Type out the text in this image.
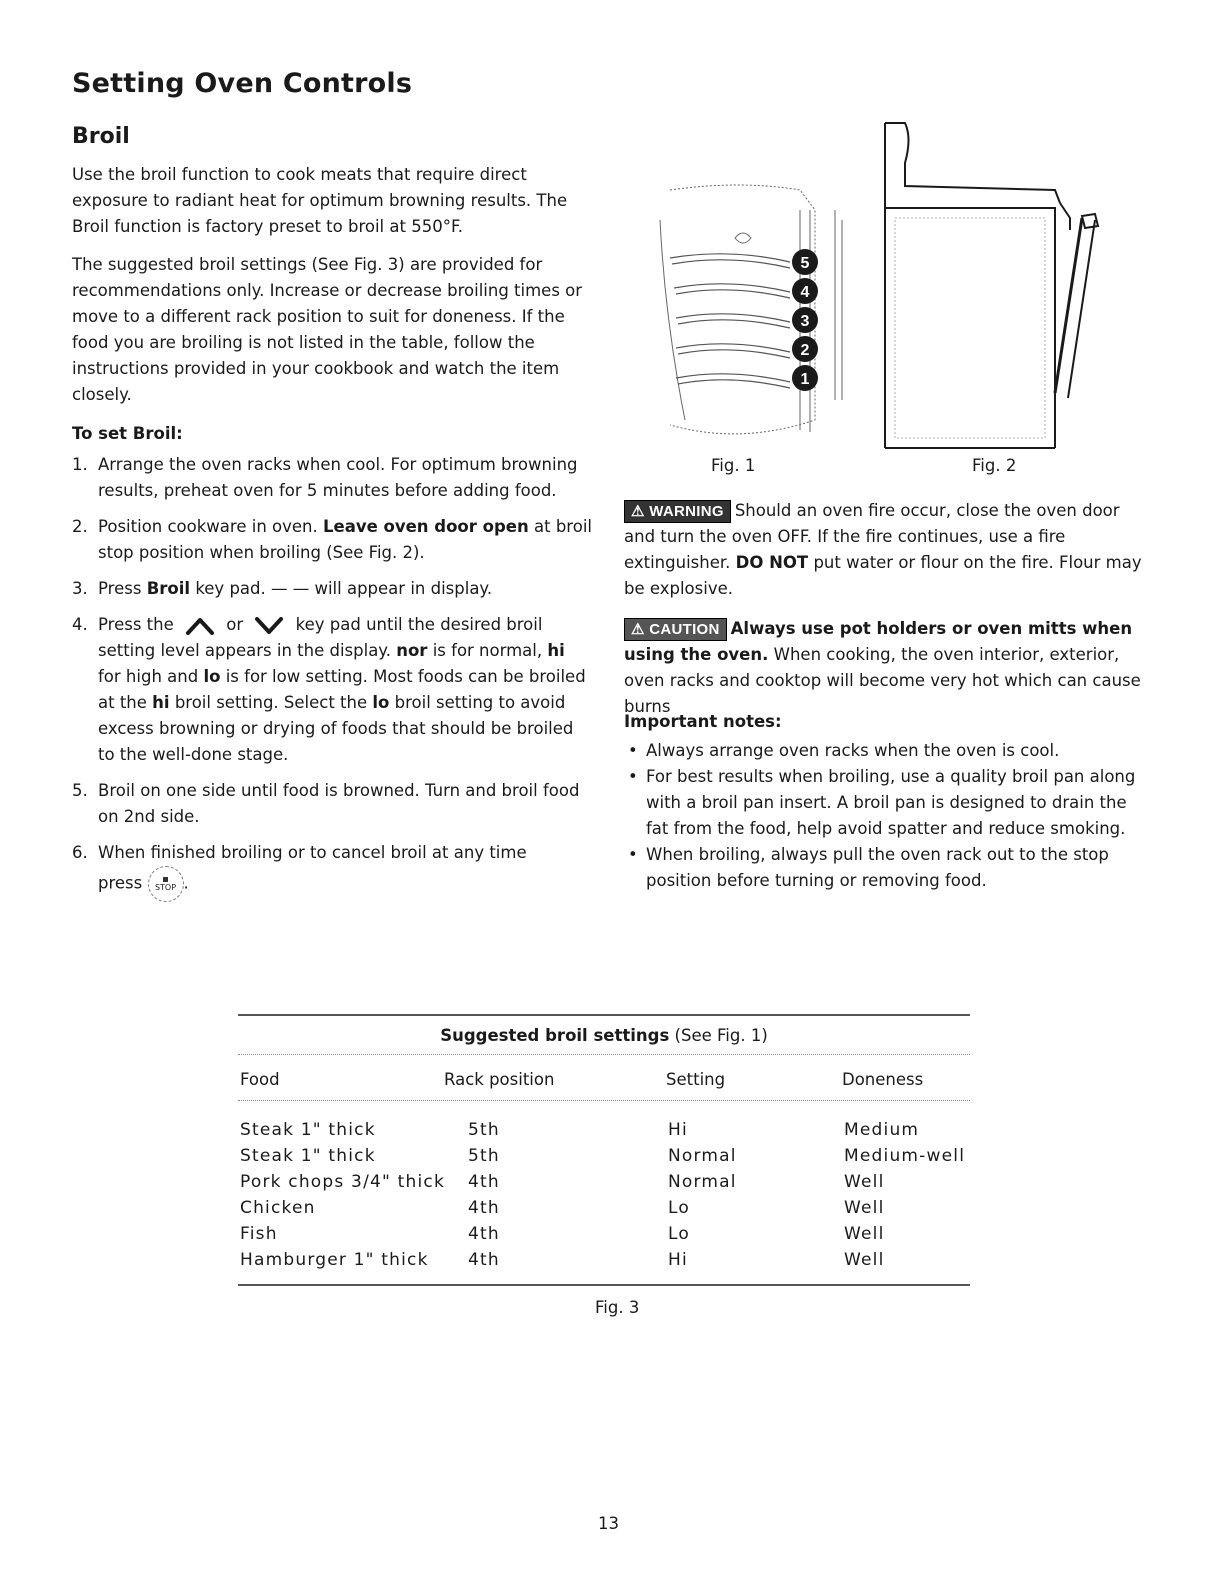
Setting Oven Controls
Broil

Use the broil function to cook meats that require direct exposure to radiant heat for optimum browning results. The Broil function is factory preset to broil at 550°F.

The suggested broil settings (See Fig. 3) are provided for recommendations only. Increase or decrease broiling times or move to a different rack position to suit for doneness. If the food you are broiling is not listed in the table, follow the instructions provided in your cookbook and watch the item closely.

To set Broil:

1. Arrange the oven racks when cool. For optimum browning results, preheat oven for 5 minutes before adding food.
2. Position cookware in oven. Leave oven door open at broil stop position when broiling (See Fig. 2).
3. Press Broil key pad. — — will appear in display.
4. Press the	or	key pad until the desired broil setting level appears in the display. nor is for normal, hi for high and lo is for low setting. Most foods can be broiled at the hi broil setting. Select the lo broil setting to avoid excess browning or drying of foods that should be broiled to the well-done stage.
5. Broil on one side until food is browned. Turn and broil food on 2nd side.
6. When finished broiling or to cancel broil at any time
press STOP .
5
4
3
2
1
Fig. 1	Fig. 2

⚠ WARNING Should an oven fire occur, close the oven door and turn the oven OFF. If the fire continues, use a fire extinguisher. DO NOT put water or flour on the fire. Flour may be explosive.

⚠ CAUTION Always use pot holders or oven mitts when using the oven. When cooking, the oven interior, exterior, oven racks and cooktop will become very hot which can cause burns

Important notes:

• Always arrange oven racks when the oven is cool.
• For best results when broiling, use a quality broil pan along with a broil pan insert. A broil pan is designed to drain the fat from the food, help avoid spatter and reduce smoking.
• When broiling, always pull the oven rack out to the stop position before turning or removing food.
Suggested broil settings (See Fig. 1)
Food	Rack position	Setting	Doneness
Steak 1" thick	5th	Hi	Medium
Steak 1" thick	5th	Normal	Medium-well
Pork chops 3/4" thick 4th	Normal	Well
Chicken	4th	Lo	Well
Fish	4th	Lo	Well
Hamburger 1" thick 4th	Hi	Well
Fig. 3
13
